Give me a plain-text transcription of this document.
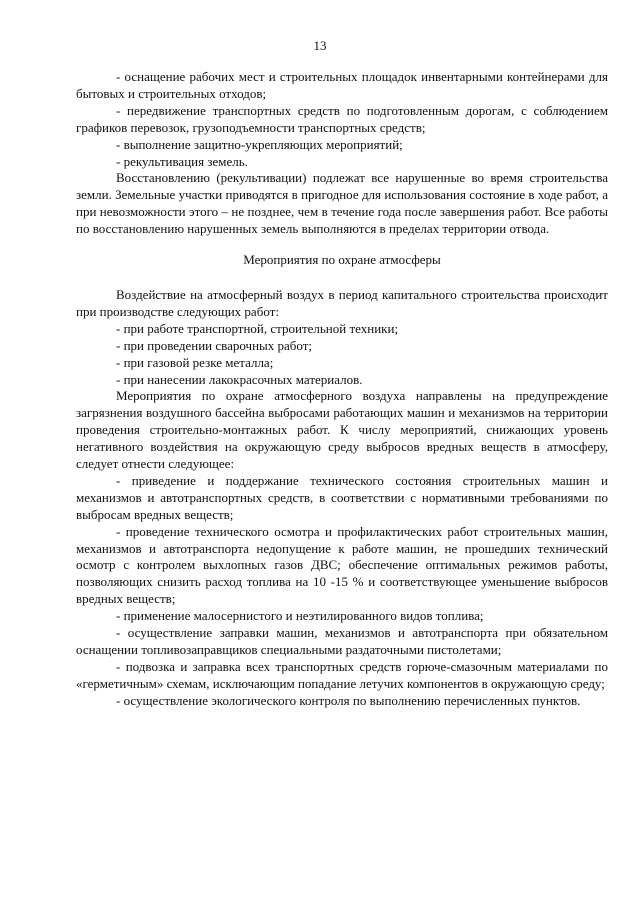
13

- оснащение рабочих мест и строительных площадок инвентарными контейнерами для бытовых и строительных отходов;

- передвижение транспортных средств по подготовленным дорогам, с соблюдением графиков перевозок, грузоподъемности транспортных средств;

- выполнение защитно-укрепляющих мероприятий;

- рекультивация земель.

Восстановлению (рекультивации) подлежат все нарушенные во время строительства земли. Земельные участки приводятся в пригодное для использования состояние в ходе работ, а при невозможности этого – не позднее, чем в течение года после завершения работ. Все работы по восстановлению нарушенных земель выполняются в пределах территории отвода.

Мероприятия по охране атмосферы

Воздействие на атмосферный воздух в период капитального строительства происходит при производстве следующих работ:

- при работе транспортной, строительной техники;

- при проведении сварочных работ;

- при газовой резке металла;

- при нанесении лакокрасочных материалов.

Мероприятия по охране атмосферного воздуха направлены на предупреждение загрязнения воздушного бассейна выбросами работающих машин и механизмов на территории проведения строительно-монтажных работ. К числу мероприятий, снижающих уровень негативного воздействия на окружающую среду выбросов вредных веществ в атмосферу, следует отнести следующее:

- приведение и поддержание технического состояния строительных машин и механизмов и автотранспортных средств, в соответствии с нормативными требованиями по выбросам вредных веществ;

- проведение технического осмотра и профилактических работ строительных машин, механизмов и автотранспорта недопущение к работе машин, не прошедших технический осмотр с контролем выхлопных газов ДВС; обеспечение оптимальных режимов работы, позволяющих снизить расход топлива на 10 -15 % и соответствующее уменьшение выбросов вредных веществ;

- применение малосернистого и неэтилированного видов топлива;

- осуществление заправки машин, механизмов и автотранспорта при обязательном оснащении топливозаправщиков специальными раздаточными пистолетами;

- подвозка и заправка всех транспортных средств горюче-смазочным материалами по «герметичным» схемам, исключающим попадание летучих компонентов в окружающую среду;

- осуществление экологического контроля по выполнению перечисленных пунктов.
